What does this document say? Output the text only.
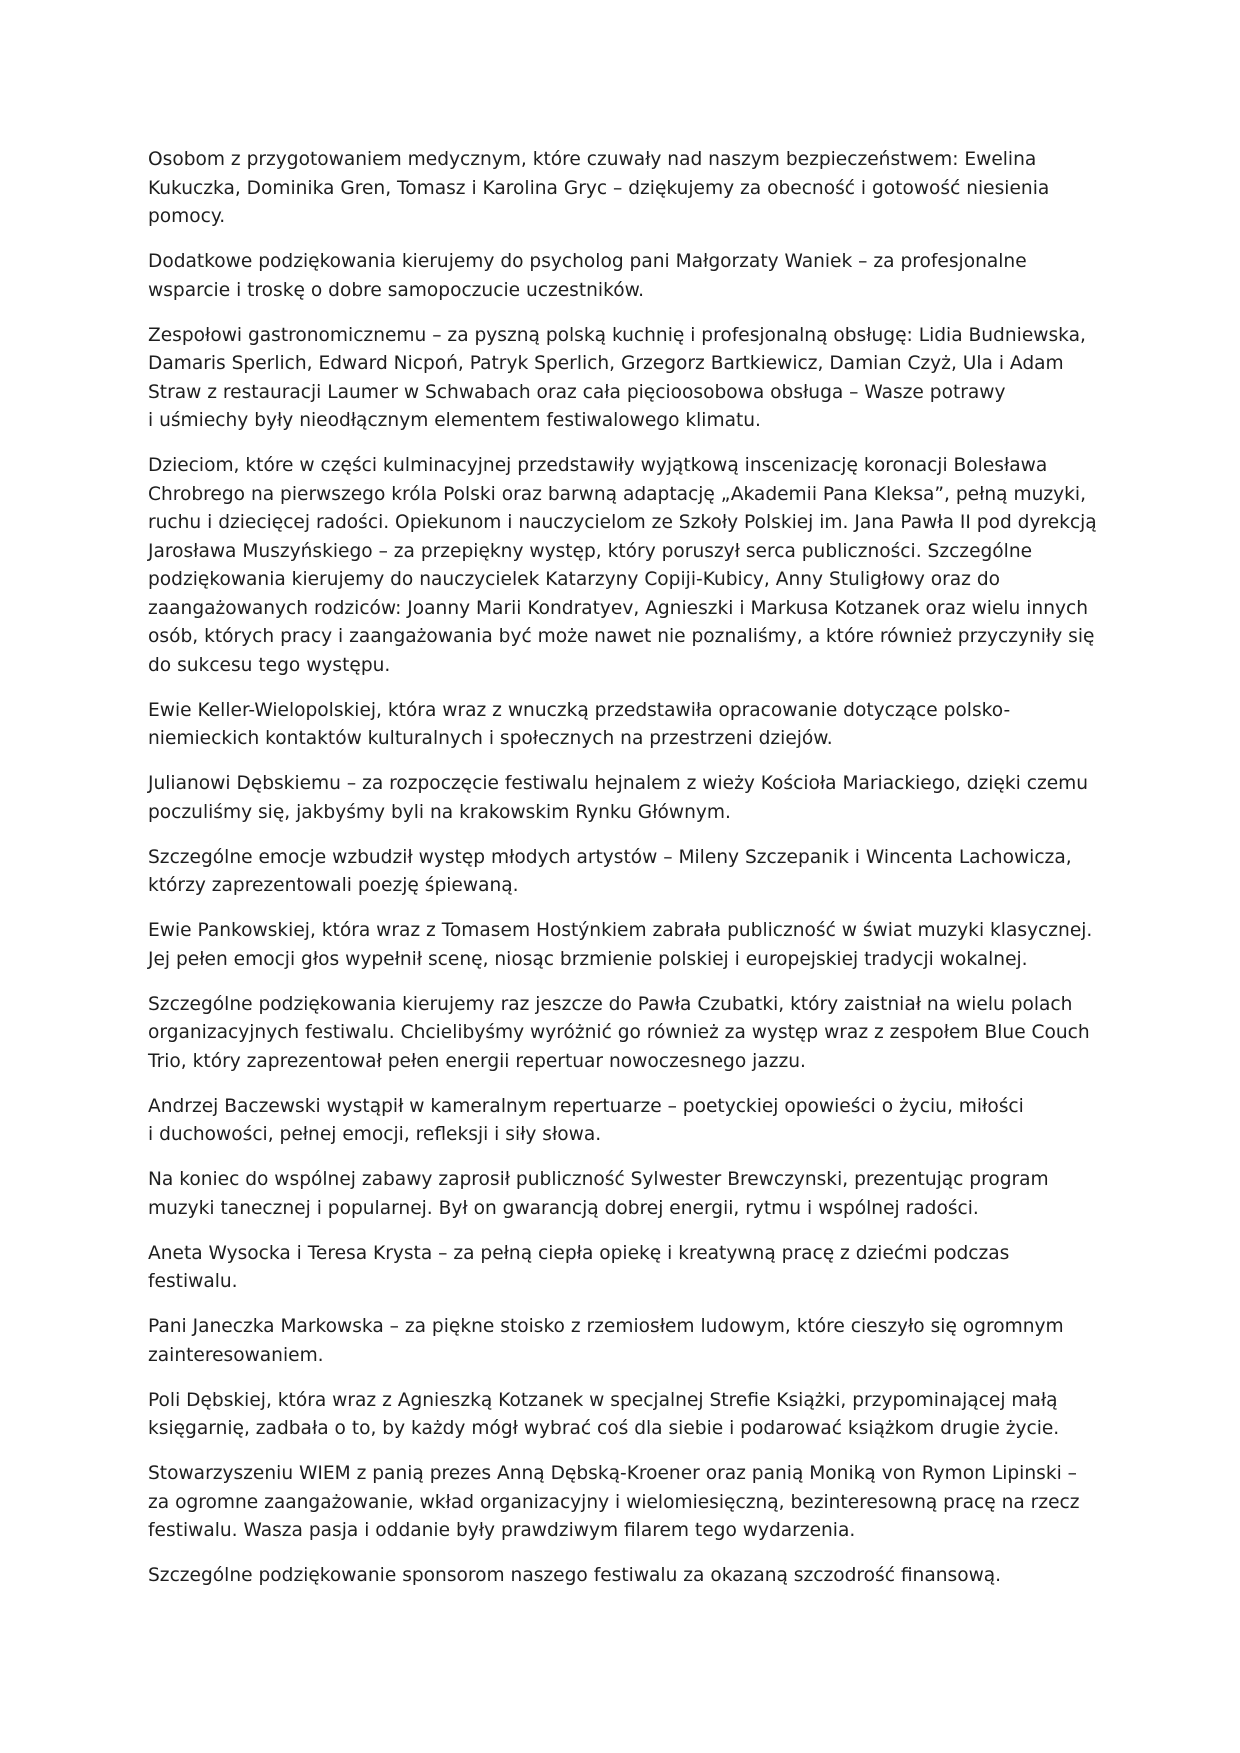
Osobom z przygotowaniem medycznym, które czuwały nad naszym bezpieczeństwem: Ewelina
Kukuczka, Dominika Gren, Tomasz i Karolina Gryc – dziękujemy za obecność i gotowość niesienia
pomocy.

Dodatkowe podziękowania kierujemy do psycholog pani Małgorzaty Waniek – za profesjonalne
wsparcie i troskę o dobre samopoczucie uczestników.

Zespołowi gastronomicznemu – za pyszną polską kuchnię i profesjonalną obsługę: Lidia Budniewska,
Damaris Sperlich, Edward Nicpoń, Patryk Sperlich, Grzegorz Bartkiewicz, Damian Czyż, Ula i Adam
Straw z restauracji Laumer w Schwabach oraz cała pięcioosobowa obsługa – Wasze potrawy
i uśmiechy były nieodłącznym elementem festiwalowego klimatu.

Dzieciom, które w części kulminacyjnej przedstawiły wyjątkową inscenizację koronacji Bolesława
Chrobrego na pierwszego króla Polski oraz barwną adaptację „Akademii Pana Kleksa”, pełną muzyki,
ruchu i dziecięcej radości. Opiekunom i nauczycielom ze Szkoły Polskiej im. Jana Pawła II pod dyrekcją
Jarosława Muszyńskiego – za przepiękny występ, który poruszył serca publiczności. Szczególne
podziękowania kierujemy do nauczycielek Katarzyny Copiji-Kubicy, Anny Stuligłowy oraz do
zaangażowanych rodziców: Joanny Marii Kondratyev, Agnieszki i Markusa Kotzanek oraz wielu innych
osób, których pracy i zaangażowania być może nawet nie poznaliśmy, a które również przyczyniły się
do sukcesu tego występu.

Ewie Keller-Wielopolskiej, która wraz z wnuczką przedstawiła opracowanie dotyczące polsko-
niemieckich kontaktów kulturalnych i społecznych na przestrzeni dziejów.

Julianowi Dębskiemu – za rozpoczęcie festiwalu hejnalem z wieży Kościoła Mariackiego, dzięki czemu
poczuliśmy się, jakbyśmy byli na krakowskim Rynku Głównym.

Szczególne emocje wzbudził występ młodych artystów – Mileny Szczepanik i Wincenta Lachowicza,
którzy zaprezentowali poezję śpiewaną.

Ewie Pankowskiej, która wraz z Tomasem Hostýnkiem zabrała publiczność w świat muzyki klasycznej.
Jej pełen emocji głos wypełnił scenę, niosąc brzmienie polskiej i europejskiej tradycji wokalnej.

Szczególne podziękowania kierujemy raz jeszcze do Pawła Czubatki, który zaistniał na wielu polach
organizacyjnych festiwalu. Chcielibyśmy wyróżnić go również za występ wraz z zespołem Blue Couch
Trio, który zaprezentował pełen energii repertuar nowoczesnego jazzu.

Andrzej Baczewski wystąpił w kameralnym repertuarze – poetyckiej opowieści o życiu, miłości
i duchowości, pełnej emocji, refleksji i siły słowa.

Na koniec do wspólnej zabawy zaprosił publiczność Sylwester Brewczynski, prezentując program
muzyki tanecznej i popularnej. Był on gwarancją dobrej energii, rytmu i wspólnej radości.

Aneta Wysocka i Teresa Krysta – za pełną ciepła opiekę i kreatywną pracę z dziećmi podczas festiwalu.

Pani Janeczka Markowska – za piękne stoisko z rzemiosłem ludowym, które cieszyło się ogromnym
zainteresowaniem.

Poli Dębskiej, która wraz z Agnieszką Kotzanek w specjalnej Strefie Książki, przypominającej małą
księgarnię, zadbała o to, by każdy mógł wybrać coś dla siebie i podarować książkom drugie życie.

Stowarzyszeniu WIEM z panią prezes Anną Dębską-Kroener oraz panią Moniką von Rymon Lipinski –
za ogromne zaangażowanie, wkład organizacyjny i wielomiesięczną, bezinteresowną pracę na rzecz
festiwalu. Wasza pasja i oddanie były prawdziwym filarem tego wydarzenia.

Szczególne podziękowanie sponsorom naszego festiwalu za okazaną szczodrość finansową.
